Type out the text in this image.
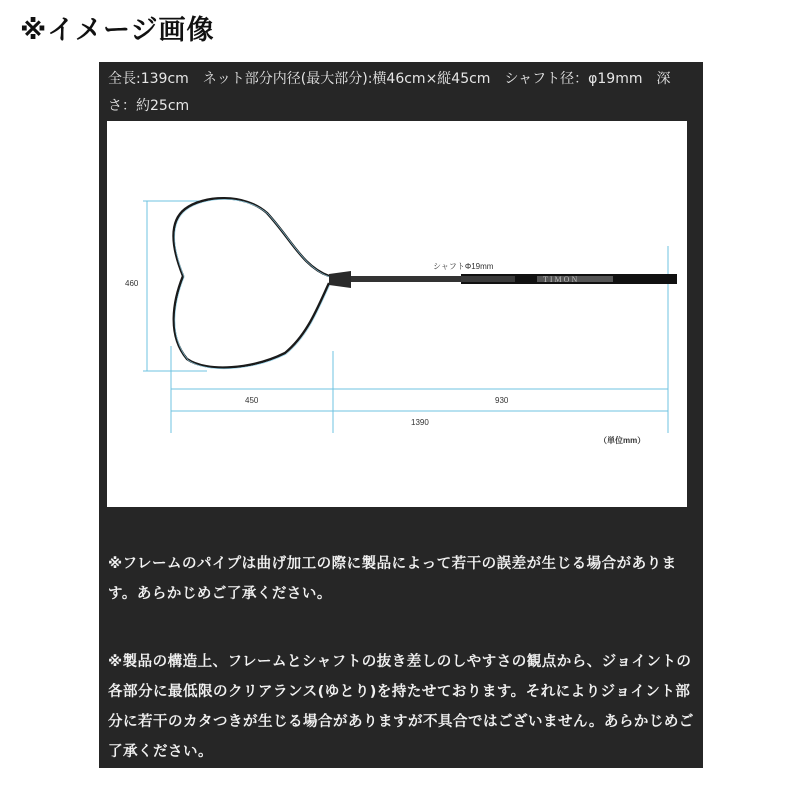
※イメージ画像
全長:139cm　ネット部分内径(最大部分):横46cm×縦45cm　シャフト径：φ19mm　深さ：約25cm
TIMON
シャフトΦ19mm
460
450	930
1390
（単位mm）
※フレームのパイプは曲げ加工の際に製品によって若干の誤差が生じる場合があります。あらかじめご了承ください。
※製品の構造上、フレームとシャフトの抜き差しのしやすさの観点から、ジョイントの各部分に最低限のクリアランス(ゆとり)を持たせております。それによりジョイント部分に若干のカタつきが生じる場合がありますが不具合ではございません。あらかじめご了承ください。
